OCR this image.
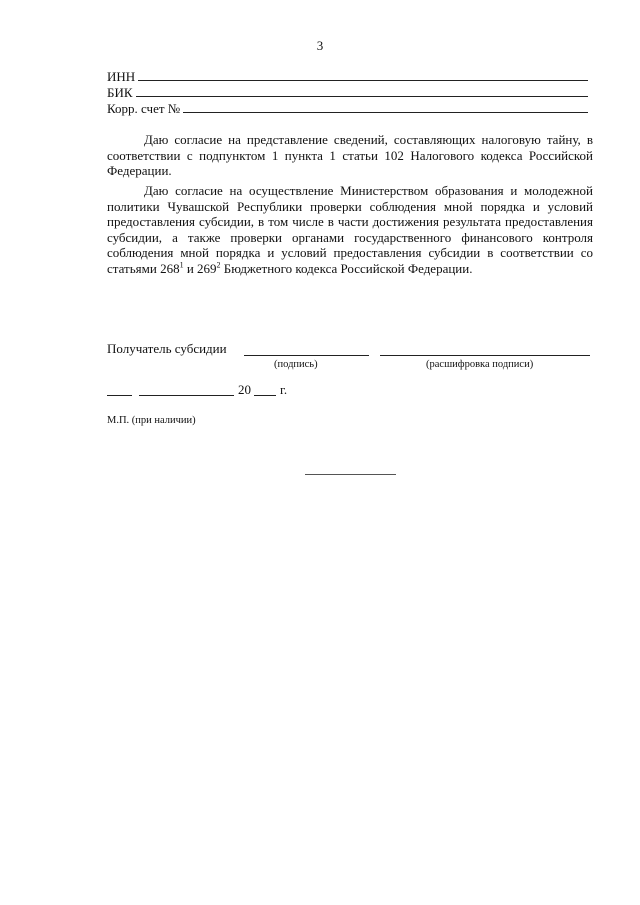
3
ИНН
БИК
Корр. счет №

Даю согласие на представление сведений, составляющих налоговую тайну, в соответствии с подпунктом 1 пункта 1 статьи 102 Налогового кодекса Российской Федерации.

Даю согласие на осуществление Министерством образования и молодежной политики Чувашской Республики проверки соблюдения мной порядка и условий предоставления субсидии, в том числе в части достижения результата предоставления субсидии, а также проверки органами государственного финансового контроля соблюдения мной порядка и условий предоставления субсидии в соответствии со статьями $268^1$ и $269^2$ Бюджетного кодекса Российской Федерации.

Получатель субсидии
(подпись)	(расшифровка подписи)
20 г.
М.П. (при наличии)
